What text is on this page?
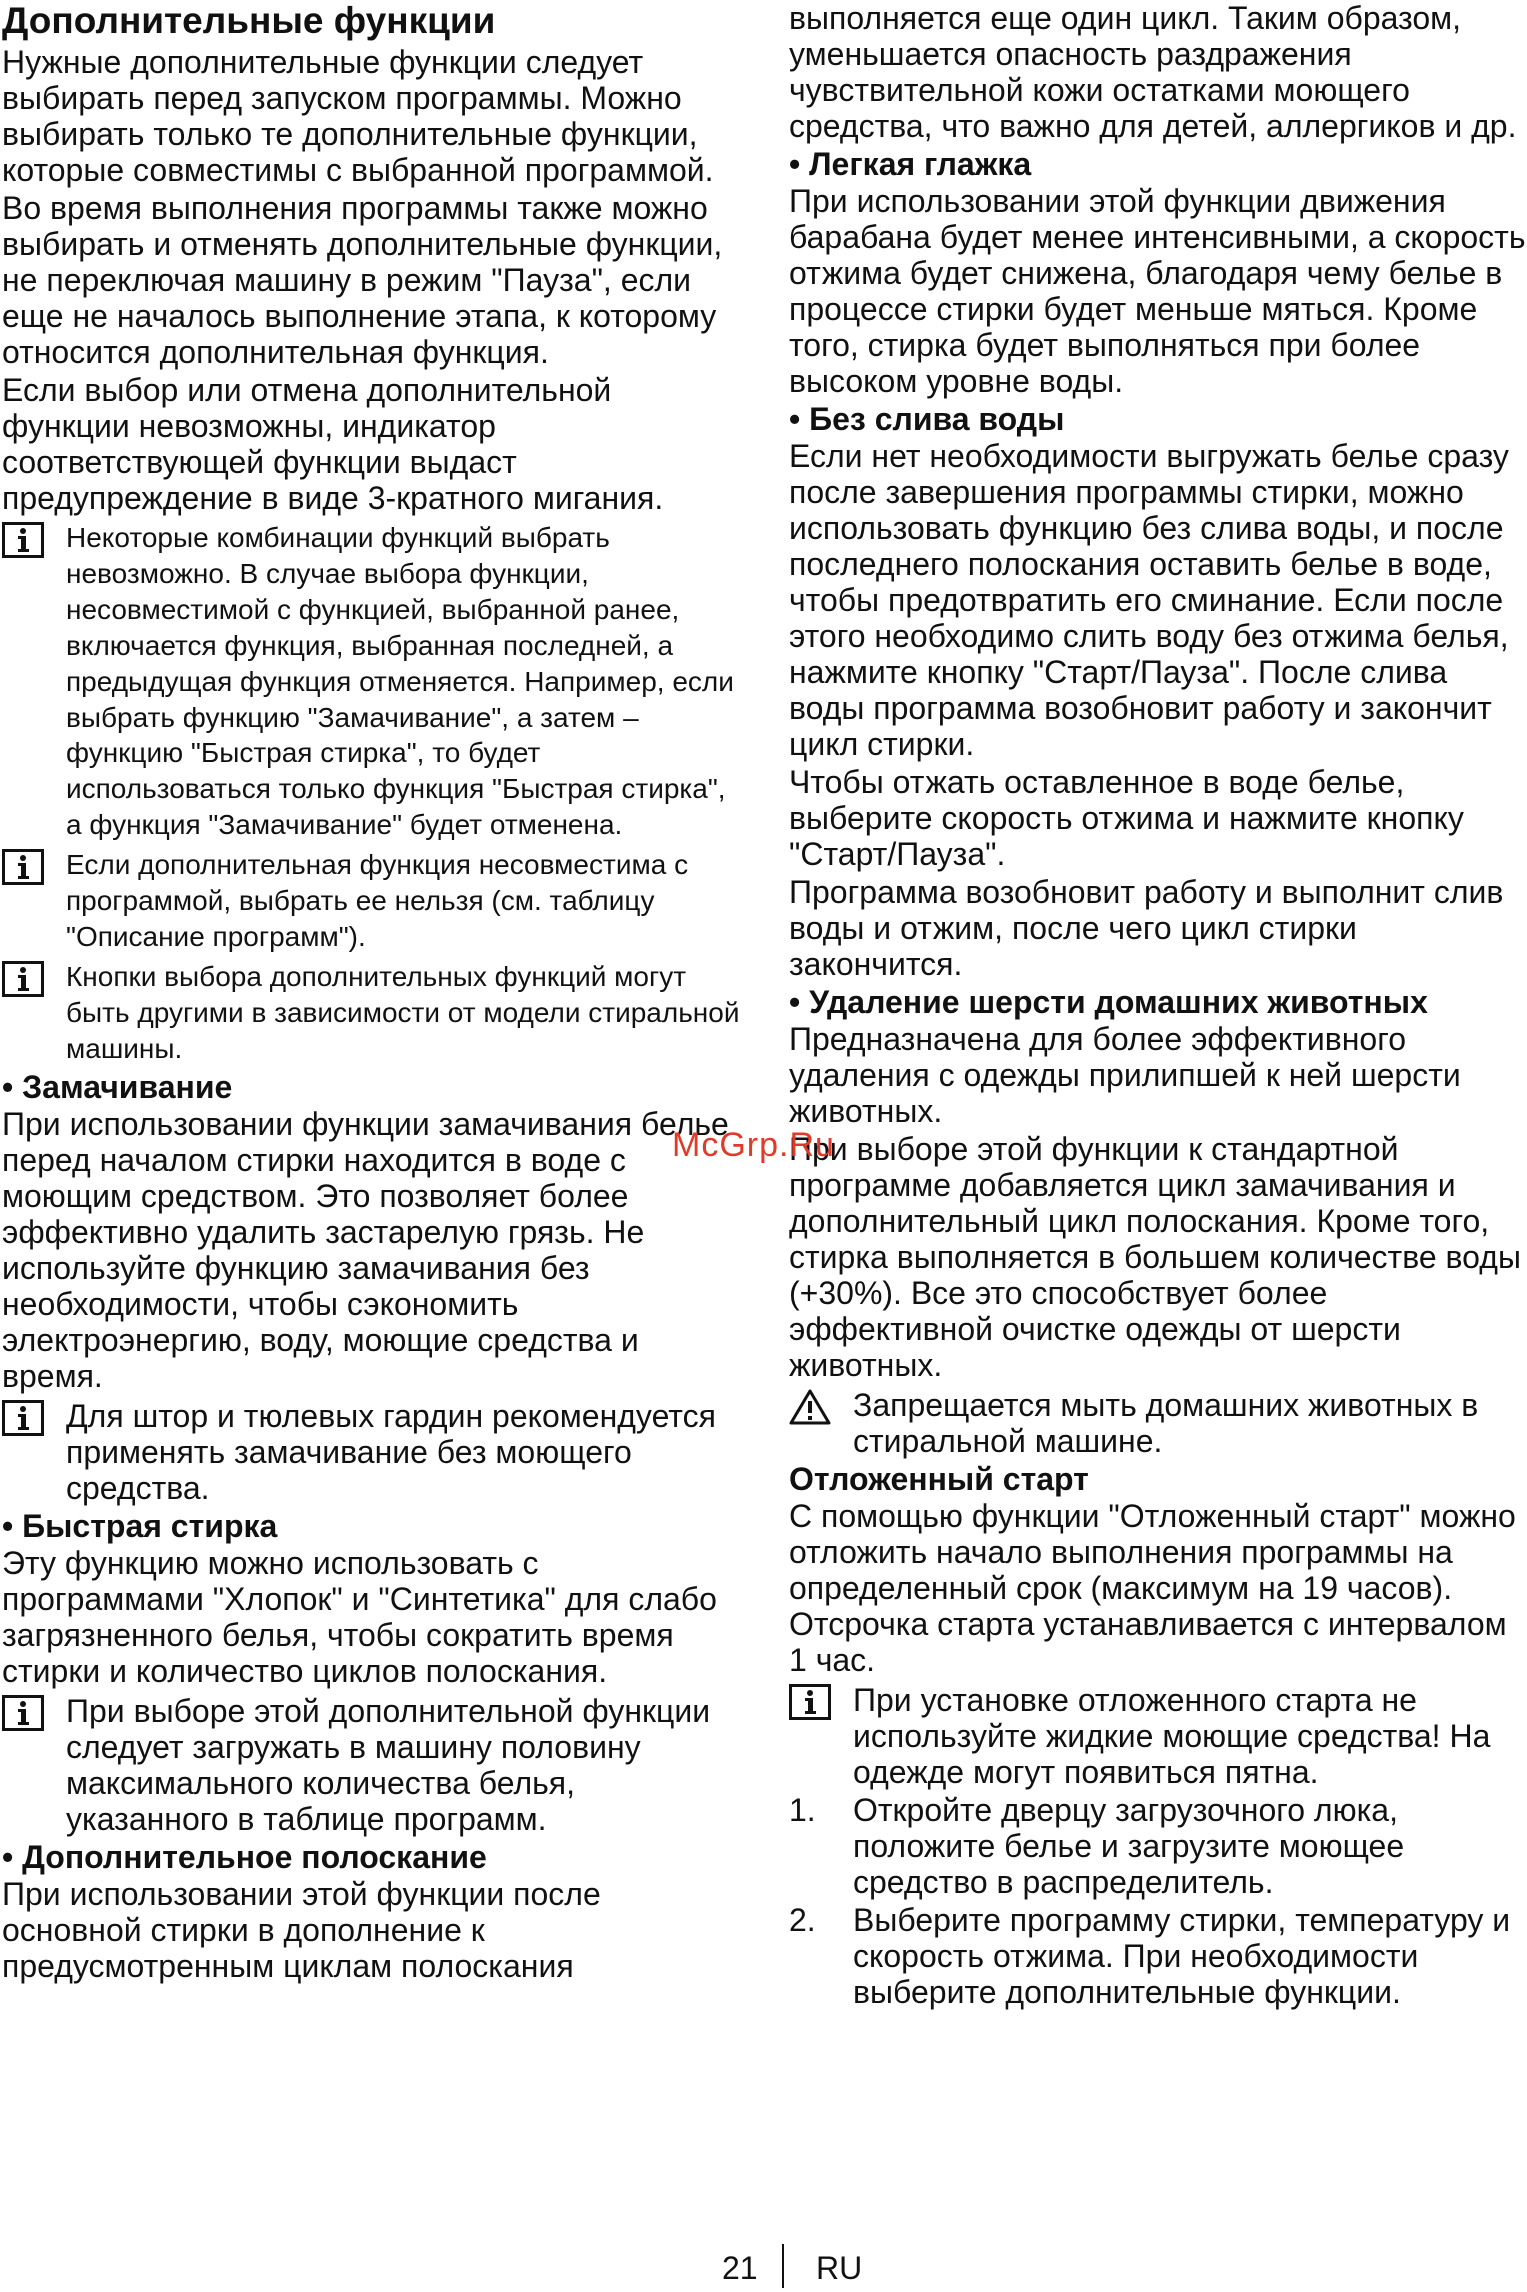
Дополнительные функции
Нужные дополнительные функции следует выбирать перед запуском программы. Можно выбирать только те дополнительные функции, которые совместимы с выбранной программой.
Во время выполнения программы также можно выбирать и отменять дополнительные функции, не переключая машину в режим "Пауза", если еще не началось выполнение этапа, к которому относится дополнительная функция.
Если выбор или отмена дополнительной функции невозможны, индикатор соответствующей функции выдаст предупреждение в виде 3-кратного мигания.
Некоторые комбинации функций выбрать невозможно. В случае выбора функции, несовместимой с функцией, выбранной ранее, включается функция, выбранная последней, а предыдущая функция отменяется. Например, если выбрать функцию "Замачивание", а затем – функцию "Быстрая стирка", то будет использоваться только функция "Быстрая стирка", а функция "Замачивание" будет отменена.
Если дополнительная функция несовместима с программой, выбрать ее нельзя (см. таблицу "Описание программ").
Кнопки выбора дополнительных функций могут быть другими в зависимости от модели стиральной машины.
• Замачивание
При использовании функции замачивания белье перед началом стирки находится в воде с моющим средством. Это позволяет более эффективно удалить застарелую грязь. Не используйте функцию замачивания без необходимости, чтобы сэкономить электроэнергию, воду, моющие средства и время.
Для штор и тюлевых гардин рекомендуется применять замачивание без моющего средства.
• Быстрая стирка
Эту функцию можно использовать с программами "Хлопок" и "Синтетика" для слабо загрязненного белья, чтобы сократить время стирки и количество циклов полоскания.
При выборе этой дополнительной функции следует загружать в машину половину максимального количества белья, указанного в таблице программ.
• Дополнительное полоскание
При использовании этой функции после основной стирки в дополнение к предусмотренным циклам полоскания
выполняется еще один цикл. Таким образом, уменьшается опасность раздражения чувствительной кожи остатками моющего средства, что важно для детей, аллергиков и др.
• Легкая глажка
При использовании этой функции движения барабана будет менее интенсивными, а скорость отжима будет снижена, благодаря чему белье в процессе стирки будет меньше мяться. Кроме того, стирка будет выполняться при более высоком уровне воды.
• Без слива воды
Если нет необходимости выгружать белье сразу после завершения программы стирки, можно использовать функцию без слива воды, и после последнего полоскания оставить белье в воде, чтобы предотвратить его сминание. Если после этого необходимо слить воду без отжима белья, нажмите кнопку "Старт/Пауза". После слива воды программа возобновит работу и закончит цикл стирки.
Чтобы отжать оставленное в воде белье, выберите скорость отжима и нажмите кнопку "Старт/Пауза".
Программа возобновит работу и выполнит слив воды и отжим, после чего цикл стирки закончится.
• Удаление шерсти домашних животных
Предназначена для более эффективного удаления с одежды прилипшей к ней шерсти животных.
При выборе этой функции к стандартной программе добавляется цикл замачивания и дополнительный цикл полоскания. Кроме того, стирка выполняется в большем количестве воды (+30%). Все это способствует более эффективной очистке одежды от шерсти животных.
Запрещается мыть домашних животных в стиральной машине.
Отложенный старт
С помощью функции "Отложенный старт" можно отложить начало выполнения программы на определенный срок (максимум на 19 часов). Отсрочка старта устанавливается с интервалом 1 час.
При установке отложенного старта не используйте жидкие моющие средства! На одежде могут появиться пятна.
1. Откройте дверцу загрузочного люка, положите белье и загрузите моющее средство в распределитель.
2. Выберите программу стирки, температуру и скорость отжима. При необходимости выберите дополнительные функции.
McGrp.Ru
21 RU
